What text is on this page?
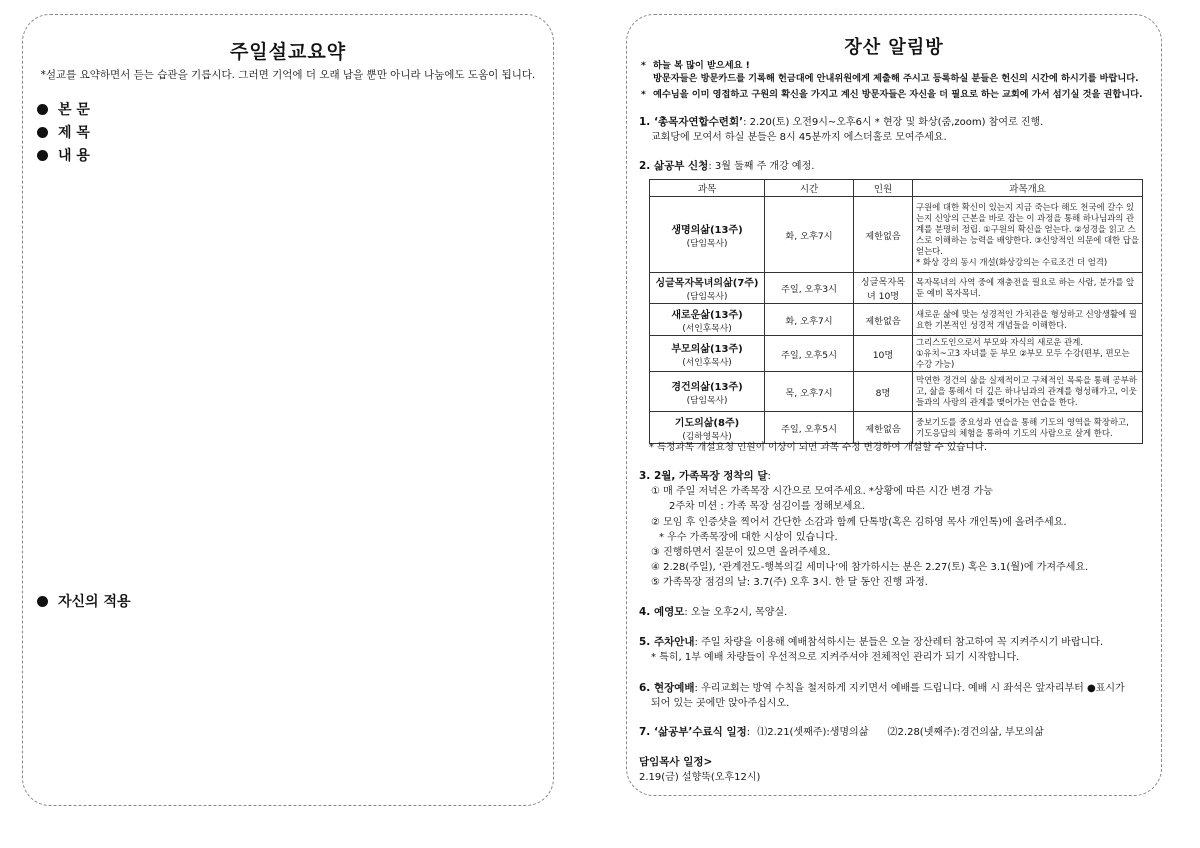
주일설교요약
*설교를 요약하면서 듣는 습관을 기릅시다. 그러면 기억에 더 오래 남을 뿐만 아니라 나눔에도 도움이 됩니다.
본 문
제 목
내 용
자신의 적용
장산 알림방
* 하늘 복 많이 받으세요 !
방문자들은 방문카드를 기록해 헌금대에 안내위원에게 제출해 주시고 등록하실 분들은 헌신의 시간에 하시기를 바랍니다.
* 예수님을 이미 영접하고 구원의 확신을 가지고 계신 방문자들은 자신을 더 필요로 하는 교회에 가서 섬기실 것을 권합니다.
1. ‘총목자연합수련회’: 2.20(토) 오전9시~오후6시 * 현장 및 화상(줌,zoom) 참여로 진행.
교회당에 모여서 하실 분들은 8시 45분까지 에스더홀로 모여주세요.
2. 삶공부 신청: 3월 둘째 주 개강 예정.
과목	시간	인원	과목개요

생명의삶(13주)
(담임목사)	화, 오후7시	제한없음	구원에 대한 확신이 있는지 지금 죽는다 해도 천국에 갈수 있는지 신앙의 근본을 바로 잡는 이 과정을 통해 하나님과의 관계를 분명히 정립. ①구원의 확신을 얻는다. ②성경을 읽고 스스로 이해하는 능력을 배양한다. ③신앙적인 의문에 대한 답을 얻는다.
* 화상 강의 동시 개설(화상강의는 수료조건 더 엄격)

싱글목자목녀의삶(7주)
(담임목사)	주일, 오후3시	싱글목자목녀 10명	목자목녀의 사역 중에 재충전을 필요로 하는 사람, 분가를 앞 둔 예비 목자목녀.

새로운삶(13주)
(서인후목사)	화, 오후7시	제한없음	새로운 삶에 맞는 성경적인 가치관을 형성하고 신앙생활에 필요한 기본적인 성경적 개념들을 이해한다.

부모의삶(13주)
(서인후목사)	주일, 오후5시	10명	그리스도인으로서 부모와 자식의 새로운 관계.
①유치~고3 자녀를 둔 부모 ②부모 모두 수강(편부, 편모는 수강 가능)

경건의삶(13주)
(담임목사)	목, 오후7시	8명	막연한 경건의 삶을 실제적이고 구체적인 목록을 통해 공부하고, 삶을 통해서 더 깊은 하나님과의 관계를 형성해가고, 이웃들과의 사랑의 관계를 맺어가는 연습을 한다.

기도의삶(8주)
(김하영목사)	주일, 오후5시	제한없음	중보기도를 중요성과 연습을 통해 기도의 영역을 확장하고, 기도응답의 체험을 통하여 기도의 사람으로 살게 한다.
* 특정과목 개설요청 인원이 이상이 되면 과목 수정 변경하여 개설할 수 있습니다.
3. 2월, 가족목장 정착의 달:
① 매 주일 저녁은 가족목장 시간으로 모여주세요. *상황에 따른 시간 변경 가능
2주차 미션 : 가족 목장 섬김이를 정해보세요.
② 모임 후 인증샷을 찍어서 간단한 소감과 함께 단톡방(혹은 김하영 목사 개인톡)에 올려주세요.
* 우수 가족목장에 대한 시상이 있습니다.
③ 진행하면서 질문이 있으면 올려주세요.
④ 2.28(주일), ‘관계전도-행복의길 세미나’에 참가하시는 분은 2.27(토) 혹은 3.1(월)에 가져주세요.
⑤ 가족목장 점검의 날: 3.7(주) 오후 3시. 한 달 동안 진행 과정.
4. 예영모: 오늘 오후2시, 목양실.
5. 주차안내: 주일 차량을 이용해 예배참석하시는 분들은 오늘 장산레터 참고하여 꼭 지켜주시기 바랍니다.
* 특히, 1부 예배 차량들이 우선적으로 지켜주셔야 전체적인 관리가 되기 시작합니다.
6. 현장예배: 우리교회는 방역 수칙을 철저하게 지키면서 예배를 드립니다. 예배 시 좌석은 앞자리부터 ●표시가
되어 있는 곳에만 앉아주십시오.
7. ‘삶공부’수료식 일정: ⑴2.21(셋째주):생명의삶 ⑵2.28(넷째주):경건의삶, 부모의삶
담임목사 일정>
2.19(금) 설향뚝(오후12시)
